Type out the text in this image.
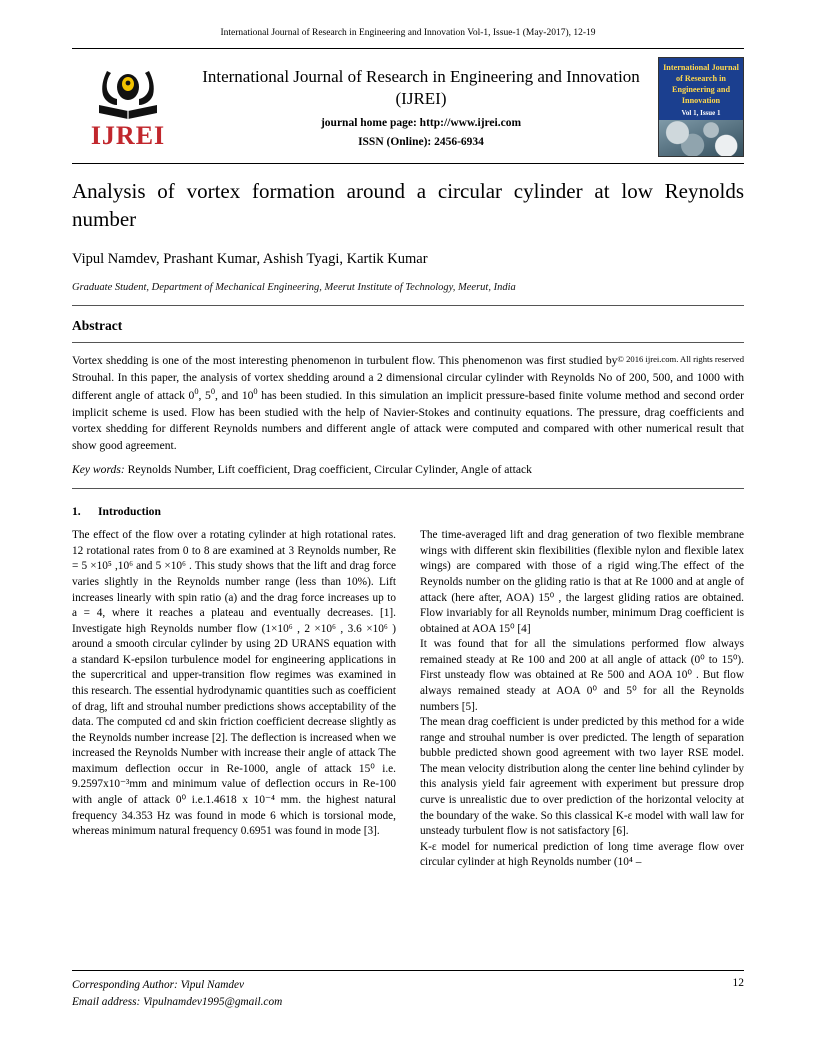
International Journal of Research in Engineering and Innovation Vol-1, Issue-1 (May-2017), 12-19
IJREI
International Journal of Research in Engineering and Innovation (IJREI)
journal home page: http://www.ijrei.com
ISSN (Online): 2456-6934
International Journal of Research in Engineering and Innovation
Vol 1, Issue 1
Analysis of vortex formation around a circular cylinder at low Reynolds number
Vipul Namdev, Prashant Kumar, Ashish Tyagi, Kartik Kumar
Graduate Student, Department of Mechanical Engineering, Meerut Institute of Technology, Meerut, India
Abstract
© 2016 ijrei.com. All rights reserved
Vortex shedding is one of the most interesting phenomenon in turbulent flow. This phenomenon was first studied by Strouhal. In this paper, the analysis of vortex shedding around a 2 dimensional circular cylinder with Reynolds No of 200, 500, and 1000 with different angle of attack $0^0$, $5^0$, and $10^0$ has been studied. In this simulation an implicit pressure-based finite volume method and second order implicit scheme is used. Flow has been studied with the help of Navier-Stokes and continuity equations. The pressure, drag coefficients and vortex shedding for different Reynolds numbers and different angle of attack were computed and compared with other numerical result that show good agreement.
Key words: Reynolds Number, Lift coefficient, Drag coefficient, Circular Cylinder, Angle of attack
1. Introduction

The effect of the flow over a rotating cylinder at high rotational rates. 12 rotational rates from 0 to 8 are examined at 3 Reynolds number, Re = 5 ×10⁵ ,10⁶ and 5 ×10⁶ . This study shows that the lift and drag force varies slightly in the Reynolds number range (less than 10%). Lift increases linearly with spin ratio (a) and the drag force increases up to a = 4, where it reaches a plateau and eventually decreases. [1]. Investigate high Reynolds number flow (1×10⁶ , 2 ×10⁶ , 3.6 ×10⁶ ) around a smooth circular cylinder by using 2D URANS equation with a standard K-epsilon turbulence model for engineering applications in the supercritical and upper-transition flow regimes was examined in this research. The essential hydrodynamic quantities such as coefficient of drag, lift and strouhal number predictions shows acceptability of the data. The computed cd and skin friction coefficient decrease slightly as the Reynolds number increase [2]. The deflection is increased when we increased the Reynolds Number with increase their angle of attack The maximum deflection occur in Re-1000, angle of attack 15⁰ i.e. 9.2597x10⁻³mm and minimum value of deflection occurs in Re-100 with angle of attack 0⁰ i.e.1.4618 x 10⁻⁴ mm. the highest natural frequency 34.353 Hz was found in mode 6 which is torsional mode, whereas minimum natural frequency 0.6951 was found in mode [3].

The time-averaged lift and drag generation of two flexible membrane wings with different skin flexibilities (flexible nylon and flexible latex wings) are compared with those of a rigid wing.The effect of the Reynolds number on the gliding ratio is that at Re 1000 and at angle of attack (here after, AOA) 15⁰ , the largest gliding ratios are obtained. Flow invariably for all Reynolds number, minimum Drag coefficient is obtained at AOA 15⁰ [4]

It was found that for all the simulations performed flow always remained steady at Re 100 and 200 at all angle of attack (0⁰ to 15⁰). First unsteady flow was obtained at Re 500 and AOA 10⁰ . But flow always remained steady at AOA 0⁰ and 5⁰ for all the Reynolds numbers [5].

The mean drag coefficient is under predicted by this method for a wide range and strouhal number is over predicted. The length of separation bubble predicted shown good agreement with two layer RSE model. The mean velocity distribution along the center line behind cylinder by this analysis yield fair agreement with experiment but pressure drop curve is unrealistic due to over prediction of the horizontal velocity at the boundary of the wake. So this classical K-ε model with wall law for unsteady turbulent flow is not satisfactory [6].

K-ε model for numerical prediction of long time average flow over circular cylinder at high Reynolds number (10⁴ –

Corresponding Author: Vipul Namdev
Email address: Vipulnamdev1995@gmail.com
12
